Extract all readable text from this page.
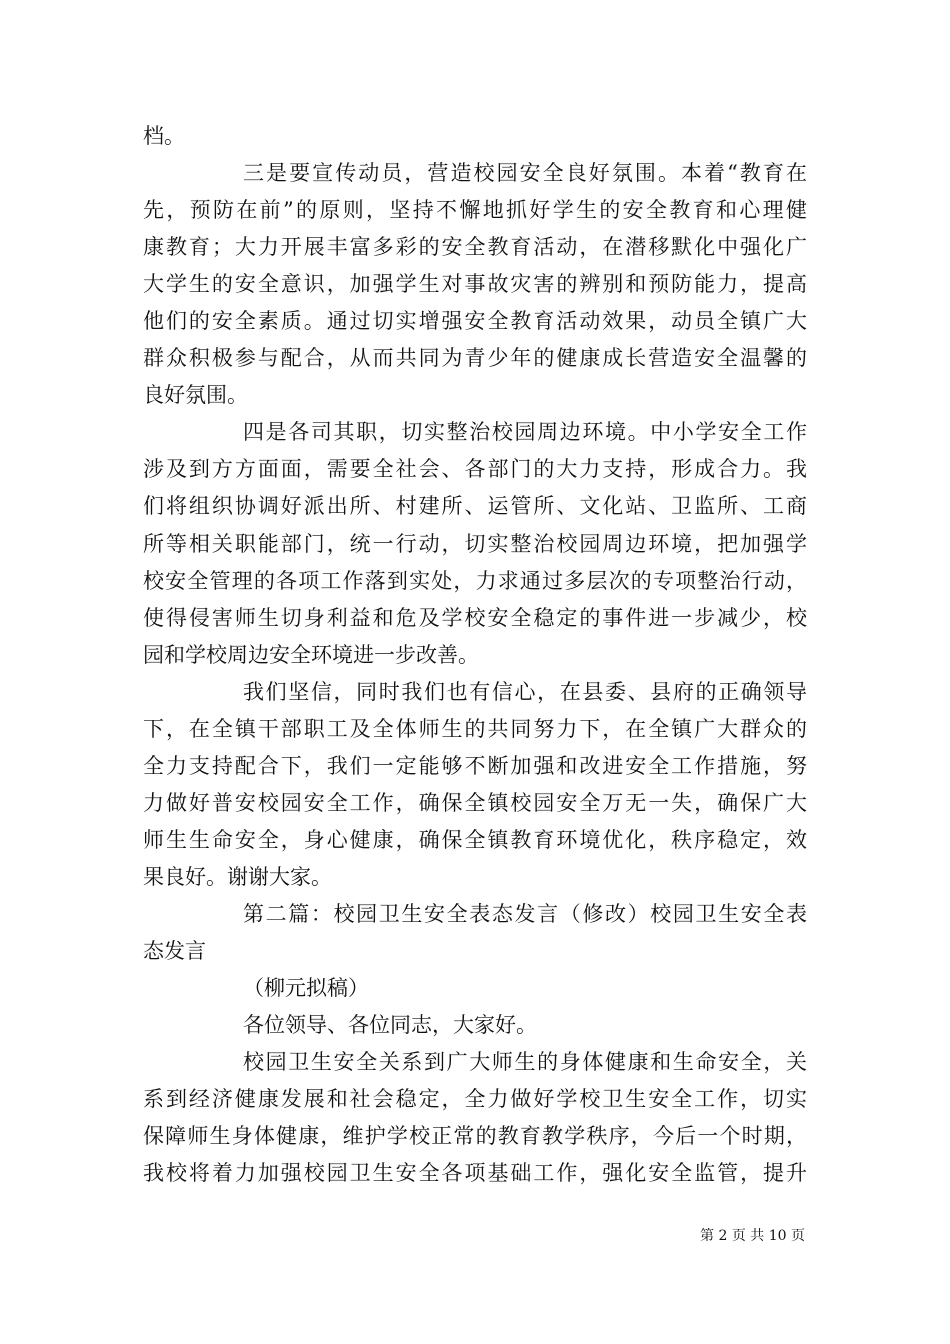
档。
三是要宣传动员，营造校园安全良好氛围。本着“教育在
先，预防在前”的原则，坚持不懈地抓好学生的安全教育和心理健
康教育；大力开展丰富多彩的安全教育活动，在潜移默化中强化广
大学生的安全意识，加强学生对事故灾害的辨别和预防能力，提高
他们的安全素质。通过切实增强安全教育活动效果，动员全镇广大
群众积极参与配合，从而共同为青少年的健康成长营造安全温馨的
良好氛围。
四是各司其职，切实整治校园周边环境。中小学安全工作
涉及到方方面面，需要全社会、各部门的大力支持，形成合力。我
们将组织协调好派出所、村建所、运管所、文化站、卫监所、工商
所等相关职能部门，统一行动，切实整治校园周边环境，把加强学
校安全管理的各项工作落到实处，力求通过多层次的专项整治行动，
使得侵害师生切身利益和危及学校安全稳定的事件进一步减少，校
园和学校周边安全环境进一步改善。
我们坚信，同时我们也有信心，在县委、县府的正确领导
下，在全镇干部职工及全体师生的共同努力下，在全镇广大群众的
全力支持配合下，我们一定能够不断加强和改进安全工作措施，努
力做好普安校园安全工作，确保全镇校园安全万无一失，确保广大
师生生命安全，身心健康，确保全镇教育环境优化，秩序稳定，效
果良好。谢谢大家。
第二篇：校园卫生安全表态发言（修改）校园卫生安全表
态发言
（柳元拟稿）
各位领导、各位同志，大家好。
校园卫生安全关系到广大师生的身体健康和生命安全，关
系到经济健康发展和社会稳定，全力做好学校卫生安全工作，切实
保障师生身体健康，维护学校正常的教育教学秩序，今后一个时期，
我校将着力加强校园卫生安全各项基础工作，强化安全监管，提升
第 2 页 共 10 页
